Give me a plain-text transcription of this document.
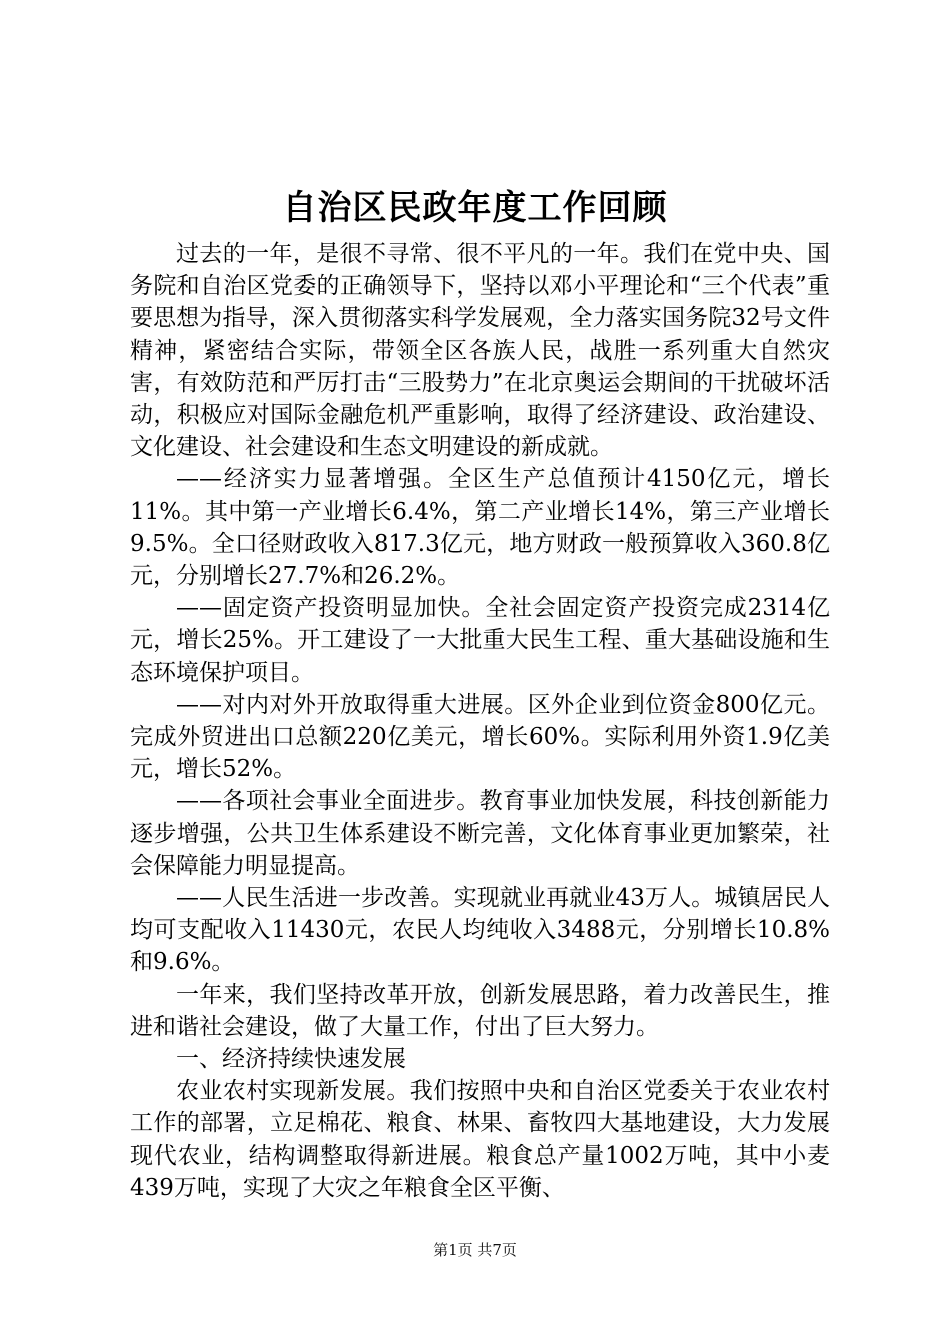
自治区民政年度工作回顾

过去的一年，是很不寻常、很不平凡的一年。我们在党中央、国务院和自治区党委的正确领导下，坚持以邓小平理论和“三个代表”重要思想为指导，深入贯彻落实科学发展观，全力落实国务院32号文件精神，紧密结合实际，带领全区各族人民，战胜一系列重大自然灾害，有效防范和严厉打击“三股势力”在北京奥运会期间的干扰破坏活动，积极应对国际金融危机严重影响，取得了经济建设、政治建设、文化建设、社会建设和生态文明建设的新成就。

——经济实力显著增强。全区生产总值预计4150亿元，增长11%。其中第一产业增长6.4%，第二产业增长14%，第三产业增长9.5%。全口径财政收入817.3亿元，地方财政一般预算收入360.8亿元，分别增长27.7%和26.2%。

——固定资产投资明显加快。全社会固定资产投资完成2314亿元，增长25%。开工建设了一大批重大民生工程、重大基础设施和生态环境保护项目。

——对内对外开放取得重大进展。区外企业到位资金800亿元。完成外贸进出口总额220亿美元，增长60%。实际利用外资1.9亿美元，增长52%。

——各项社会事业全面进步。教育事业加快发展，科技创新能力逐步增强，公共卫生体系建设不断完善，文化体育事业更加繁荣，社会保障能力明显提高。

——人民生活进一步改善。实现就业再就业43万人。城镇居民人均可支配收入11430元，农民人均纯收入3488元，分别增长10.8%和9.6%。

一年来，我们坚持改革开放，创新发展思路，着力改善民生，推进和谐社会建设，做了大量工作，付出了巨大努力。

一、经济持续快速发展

农业农村实现新发展。我们按照中央和自治区党委关于农业农村工作的部署，立足棉花、粮食、林果、畜牧四大基地建设，大力发展现代农业，结构调整取得新进展。粮食总产量1002万吨，其中小麦439万吨，实现了大灾之年粮食全区平衡、

第1页 共7页
